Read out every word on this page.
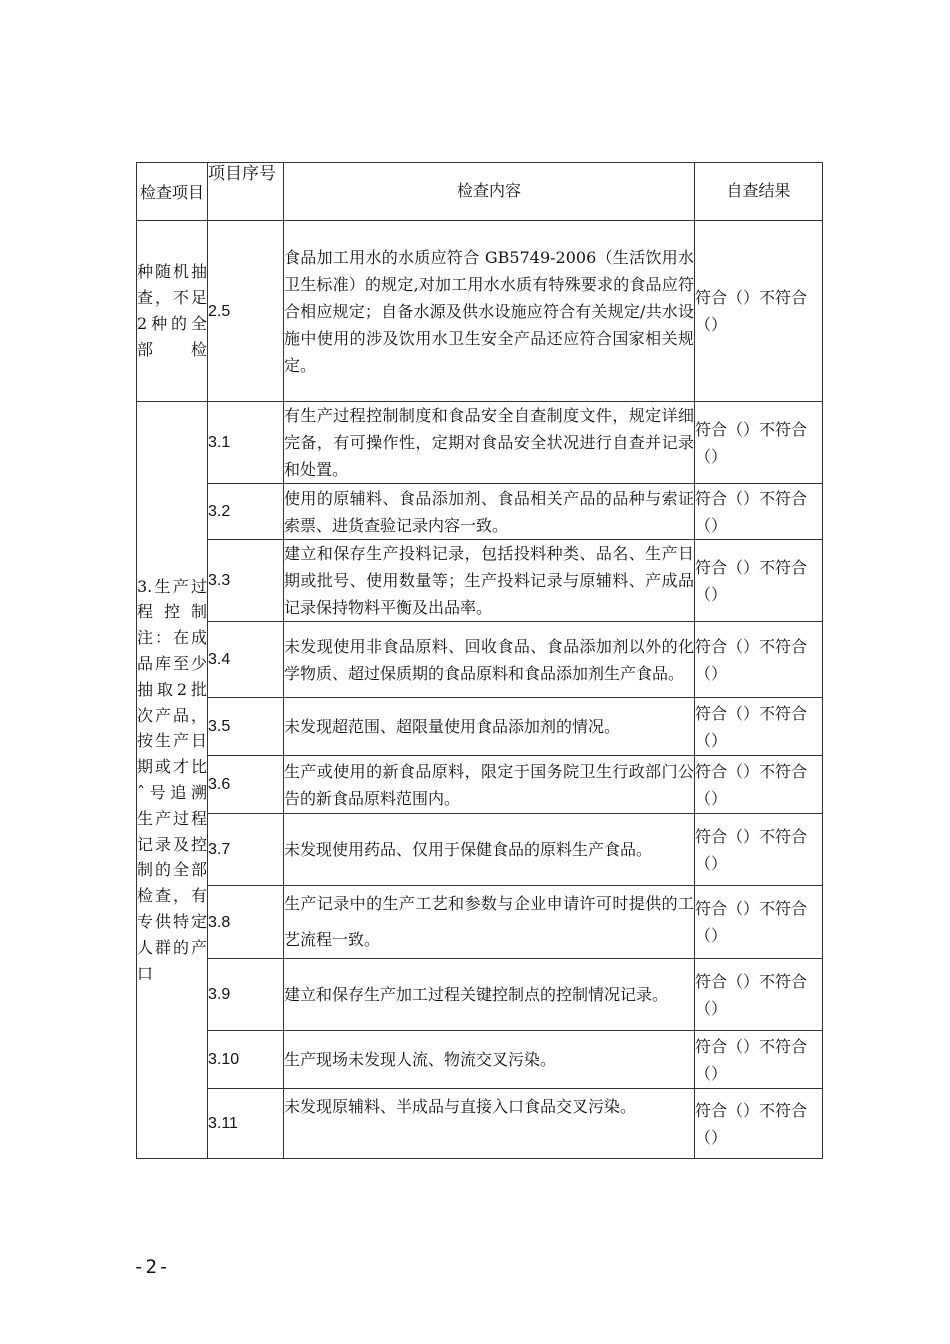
检查项目	项目序号	检查内容	自查结果

种随机抽查，不足2种的全部检	2.5	食品加工用水的水质应符合 GB5749-2006（生活饮用水卫生标准）的规定,对加工用水水质有特殊要求的食品应符合相应规定；自备水源及供水设施应符合有关规定/共水设施中使用的涉及饮用水卫生安全产品还应符合国家相关规定。	符合（）不符合（）

3.生产过程控制注：在成品库至少抽取2批次产品，按生产日期或才比ˆ号追溯生产过程记录及控制的全部检查，有专供特定人群的产口	3.1	有生产过程控制制度和食品安全自查制度文件，规定详细完备，有可操作性，定期对食品安全状况进行自查并记录和处置。	符合（）不符合（）
	3.2	使用的原辅料、食品添加剂、食品相关产品的品种与索证索票、进货查验记录内容一致。	符合（）不符合（）
	3.3	建立和保存生产投料记录，包括投料种类、品名、生产日期或批号、使用数量等；生产投料记录与原辅料、产成品记录保持物料平衡及出品率。	符合（）不符合（）
	3.4	未发现使用非食品原料、回收食品、食品添加剂以外的化学物质、超过保质期的食品原料和食品添加剂生产食品。	符合（）不符合（）
	3.5	未发现超范围、超限量使用食品添加剂的情况。	符合（）不符合（）
	3.6	生产或使用的新食品原料，限定于国务院卫生行政部门公告的新食品原料范围内。	符合（）不符合（）
	3.7	未发现使用药品、仅用于保健食品的原料生产食品。	符合（）不符合（）
	3.8	生产记录中的生产工艺和参数与企业申请许可时提供的工艺流程一致。	符合（）不符合（）
	3.9	建立和保存生产加工过程关键控制点的控制情况记录。	符合（）不符合（）
	3.10	生产现场未发现人流、物流交叉污染。	符合（）不符合（）
	3.11	未发现原辅料、半成品与直接入口食品交叉污染。	符合（）不符合（）
-2-
